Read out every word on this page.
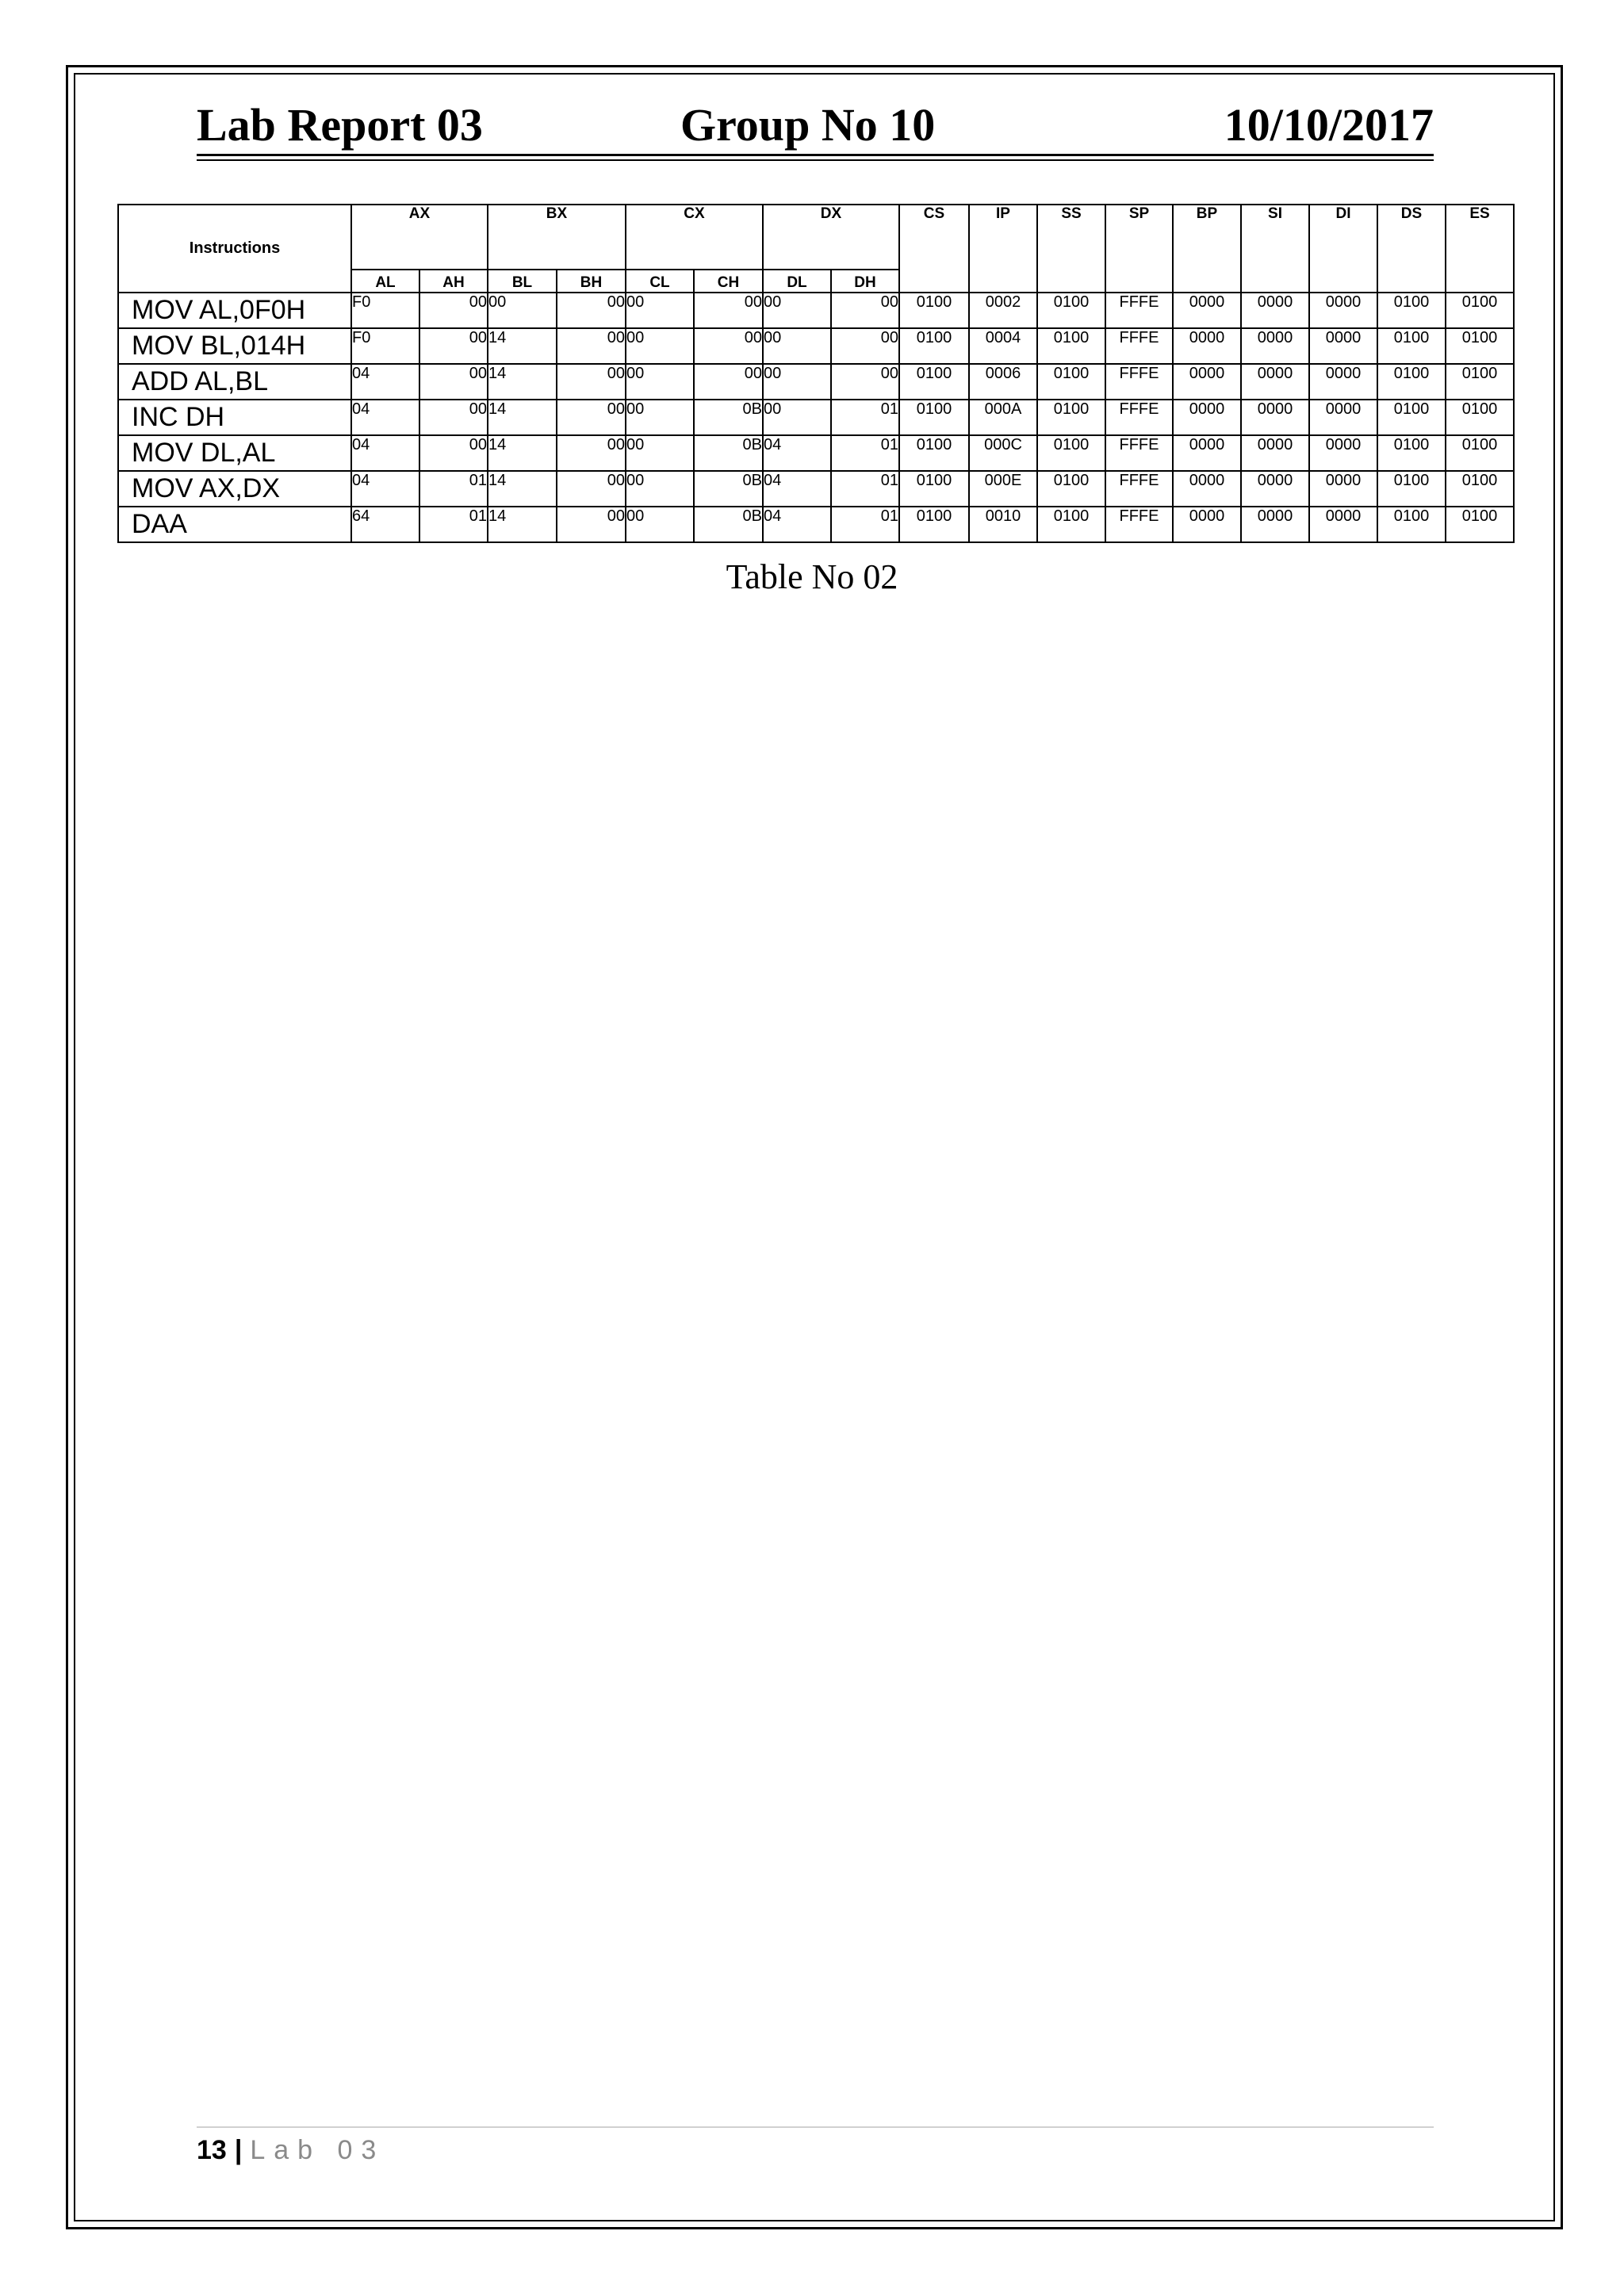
Lab Report 03	Group No 10	10/10/2017
Instructions	AX		BX		CX		DX		CS	IP	SS	SP	BP	SI	DI	DS	ES
	AL	AH	BL	BH	CL	CH	DL	DH									
MOV AL,0F0H	F0	00	00	00	00	00	00	00	0100	0002	0100	FFFE	0000	0000	0000	0100	0100
MOV BL,014H	F0	00	14	00	00	00	00	00	0100	0004	0100	FFFE	0000	0000	0000	0100	0100
ADD AL,BL	04	00	14	00	00	00	00	00	0100	0006	0100	FFFE	0000	0000	0000	0100	0100
INC DH	04	00	14	00	00	0B	00	01	0100	000A	0100	FFFE	0000	0000	0000	0100	0100
MOV DL,AL	04	00	14	00	00	0B	04	01	0100	000C	0100	FFFE	0000	0000	0000	0100	0100
MOV AX,DX	04	01	14	00	00	0B	04	01	0100	000E	0100	FFFE	0000	0000	0000	0100	0100
DAA	64	01	14	00	00	0B	04	01	0100	0010	0100	FFFE	0000	0000	0000	0100	0100
Table No 02
13 | Lab 03
